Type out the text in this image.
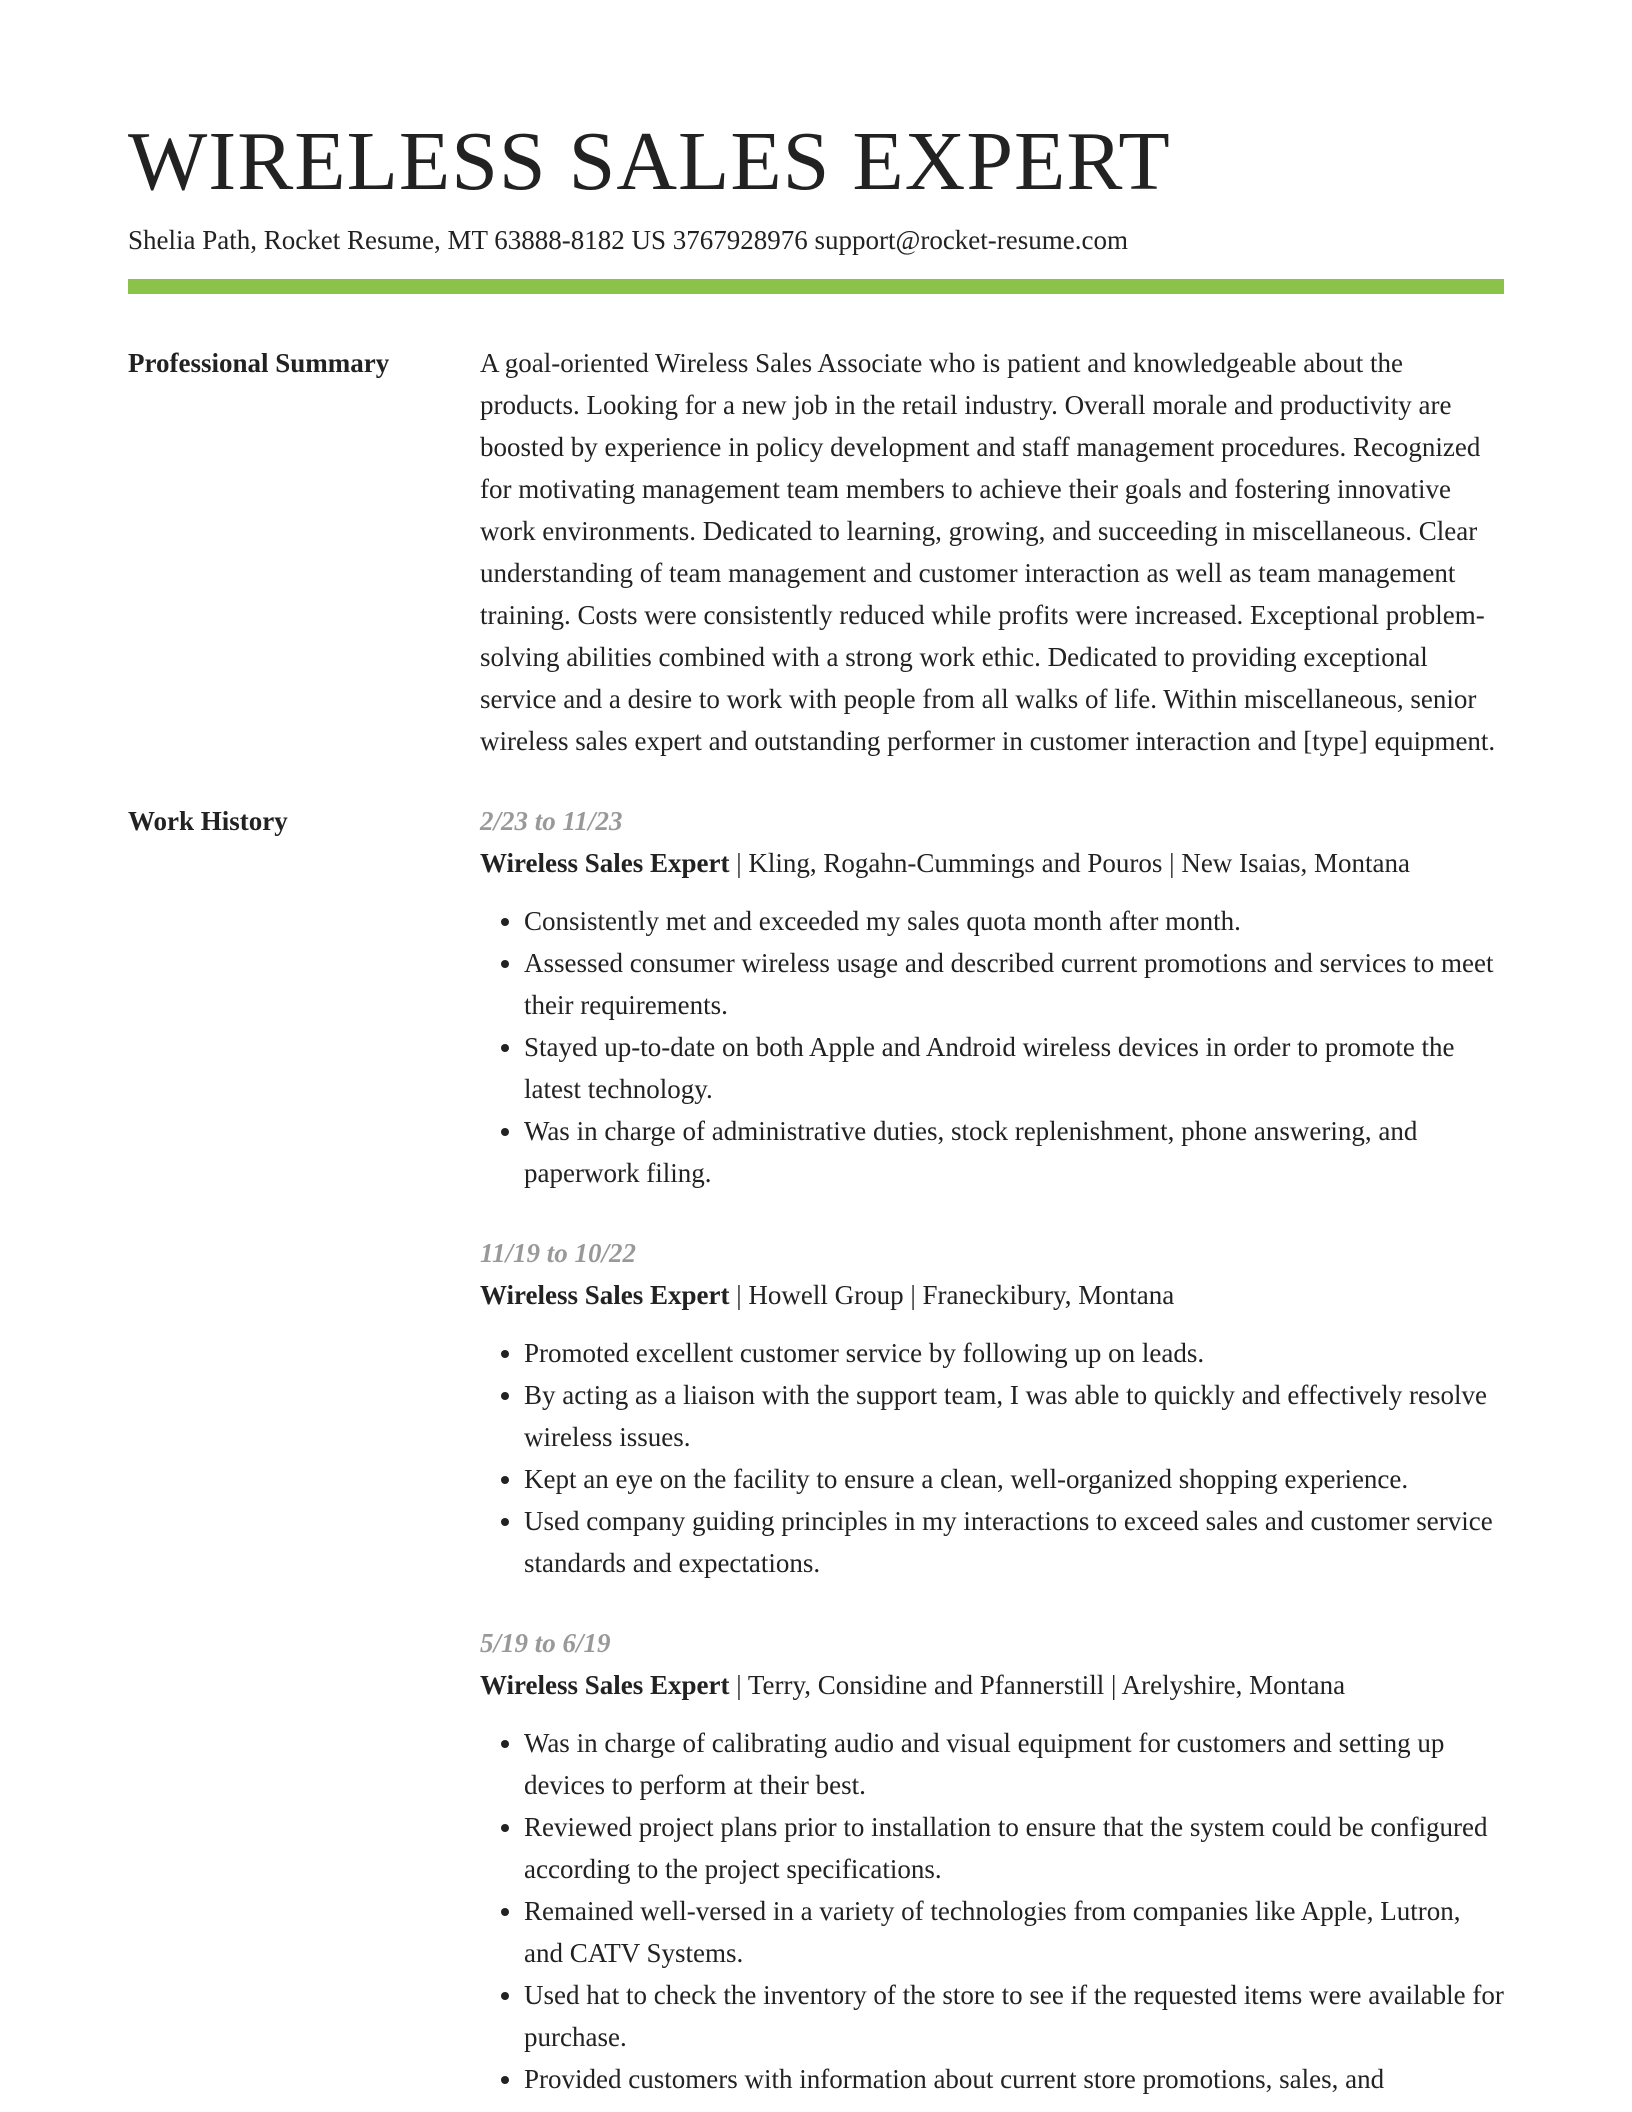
WIRELESS SALES EXPERT
Shelia Path, Rocket Resume, MT 63888-8182 US 3767928976 support@rocket-resume.com
Professional Summary	A goal-oriented Wireless Sales Associate who is patient and knowledgeable about the products. Looking for a new job in the retail industry. Overall morale and productivity are boosted by experience in policy development and staff management procedures. Recognized for motivating management team members to achieve their goals and fostering innovative work environments. Dedicated to learning, growing, and succeeding in miscellaneous. Clear understanding of team management and customer interaction as well as team management training. Costs were consistently reduced while profits were increased. Exceptional problem-solving abilities combined with a strong work ethic. Dedicated to providing exceptional service and a desire to work with people from all walks of life. Within miscellaneous, senior wireless sales expert and outstanding performer in customer interaction and [type] equipment.

Work History	2/23 to 11/23
Wireless Sales Expert | Kling, Rogahn-Cummings and Pouros | New Isaias, Montana
• Consistently met and exceeded my sales quota month after month.
• Assessed consumer wireless usage and described current promotions and services to meet their requirements.
• Stayed up-to-date on both Apple and Android wireless devices in order to promote the latest technology.
• Was in charge of administrative duties, stock replenishment, phone answering, and paperwork filing.
11/19 to 10/22
Wireless Sales Expert | Howell Group | Franeckibury, Montana
• Promoted excellent customer service by following up on leads.
• By acting as a liaison with the support team, I was able to quickly and effectively resolve wireless issues.
• Kept an eye on the facility to ensure a clean, well-organized shopping experience.
• Used company guiding principles in my interactions to exceed sales and customer service standards and expectations.
5/19 to 6/19
Wireless Sales Expert | Terry, Considine and Pfannerstill | Arelyshire, Montana
• Was in charge of calibrating audio and visual equipment for customers and setting up devices to perform at their best.
• Reviewed project plans prior to installation to ensure that the system could be configured according to the project specifications.
• Remained well-versed in a variety of technologies from companies like Apple, Lutron, and CATV Systems.
• Used hat to check the inventory of the store to see if the requested items were available for purchase.
• Provided customers with information about current store promotions, sales, and
